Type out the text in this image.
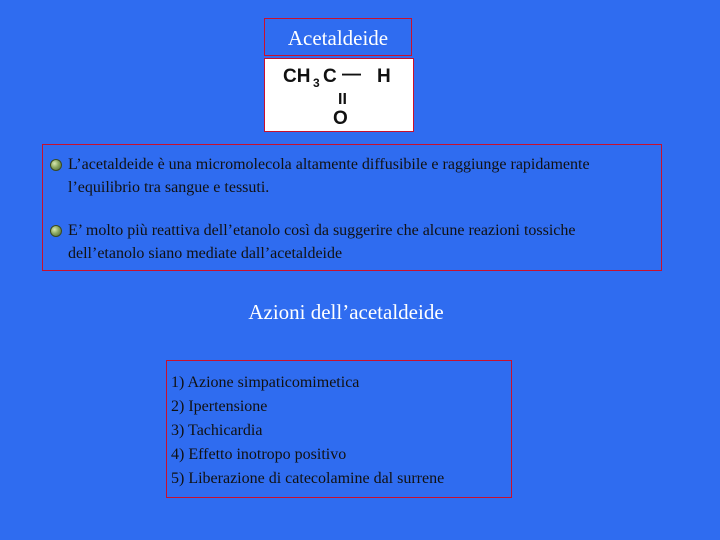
Acetaldeide
CH 3 C — H
II
O
L’acetaldeide è una micromolecola altamente diffusibile e raggiunge rapidamente
l’equilibrio tra sangue e tessuti.
E’ molto più reattiva dell’etanolo così da suggerire che alcune reazioni tossiche
dell’etanolo siano mediate dall’acetaldeide
Azioni dell’acetaldeide
1) Azione simpaticomimetica
2) Ipertensione
3) Tachicardia
4) Effetto inotropo positivo
5) Liberazione di catecolamine dal surrene
